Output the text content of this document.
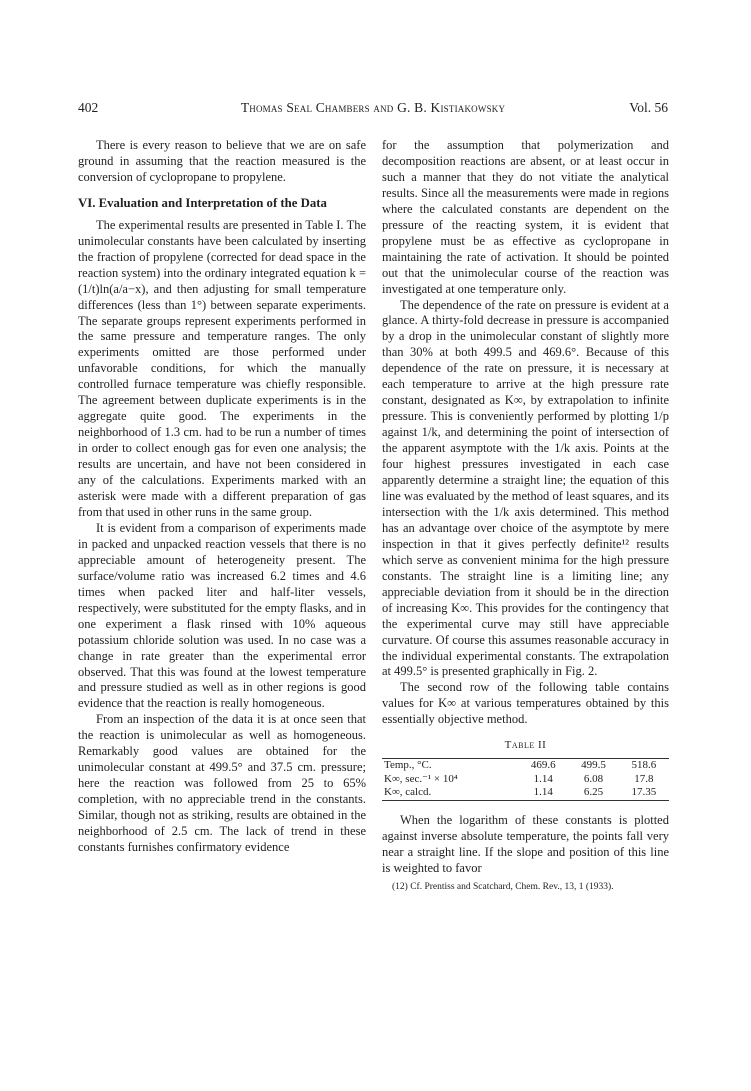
402	Thomas Seal Chambers and G. B. Kistiakowsky	Vol. 56

There is every reason to believe that we are on safe ground in assuming that the reaction measured is the conversion of cyclopropane to propylene.

VI. Evaluation and Interpretation of the Data

The experimental results are presented in Table I. The unimolecular constants have been calculated by inserting the fraction of propylene (corrected for dead space in the reaction system) into the ordinary integrated equation k = (1/t)ln(a/a−x), and then adjusting for small temperature differences (less than 1°) between separate experiments. The separate groups represent experiments performed in the same pressure and temperature ranges. The only experiments omitted are those performed under unfavorable conditions, for which the manually controlled furnace temperature was chiefly responsible. The agreement between duplicate experiments is in the aggregate quite good. The experiments in the neighborhood of 1.3 cm. had to be run a number of times in order to collect enough gas for even one analysis; the results are uncertain, and have not been considered in any of the calculations. Experiments marked with an asterisk were made with a different preparation of gas from that used in other runs in the same group.

It is evident from a comparison of experiments made in packed and unpacked reaction vessels that there is no appreciable amount of heterogeneity present. The surface/volume ratio was increased 6.2 times and 4.6 times when packed liter and half-liter vessels, respectively, were substituted for the empty flasks, and in one experiment a flask rinsed with 10% aqueous potassium chloride solution was used. In no case was a change in rate greater than the experimental error observed. That this was found at the lowest temperature and pressure studied as well as in other regions is good evidence that the reaction is really homogeneous.

From an inspection of the data it is at once seen that the reaction is unimolecular as well as homogeneous. Remarkably good values are obtained for the unimolecular constant at 499.5° and 37.5 cm. pressure; here the reaction was followed from 25 to 65% completion, with no appreciable trend in the constants. Similar, though not as striking, results are obtained in the neighborhood of 2.5 cm. The lack of trend in these constants furnishes confirmatory evidence

for the assumption that polymerization and decomposition reactions are absent, or at least occur in such a manner that they do not vitiate the analytical results. Since all the measurements were made in regions where the calculated constants are dependent on the pressure of the reacting system, it is evident that propylene must be as effective as cyclopropane in maintaining the rate of activation. It should be pointed out that the unimolecular course of the reaction was investigated at one temperature only.

The dependence of the rate on pressure is evident at a glance. A thirty-fold decrease in pressure is accompanied by a drop in the unimolecular constant of slightly more than 30% at both 499.5 and 469.6°. Because of this dependence of the rate on pressure, it is necessary at each temperature to arrive at the high pressure rate constant, designated as K∞, by extrapolation to infinite pressure. This is conveniently performed by plotting 1/p against 1/k, and determining the point of intersection of the apparent asymptote with the 1/k axis. Points at the four highest pressures investigated in each case apparently determine a straight line; the equation of this line was evaluated by the method of least squares, and its intersection with the 1/k axis determined. This method has an advantage over choice of the asymptote by mere inspection in that it gives perfectly definite¹² results which serve as convenient minima for the high pressure constants. The straight line is a limiting line; any appreciable deviation from it should be in the direction of increasing K∞. This provides for the contingency that the experimental curve may still have appreciable curvature. Of course this assumes reasonable accuracy in the individual experimental constants. The extrapolation at 499.5° is presented graphically in Fig. 2.

The second row of the following table contains values for K∞ at various temperatures obtained by this essentially objective method.

Table II
Temp., °C.	469.6	499.5	518.6
K∞, sec.⁻¹ × 10⁴	1.14	6.08	17.8
K∞, calcd.	1.14	6.25	17.35

When the logarithm of these constants is plotted against inverse absolute temperature, the points fall very near a straight line. If the slope and position of this line is weighted to favor

(12) Cf. Prentiss and Scatchard, Chem. Rev., 13, 1 (1933).
